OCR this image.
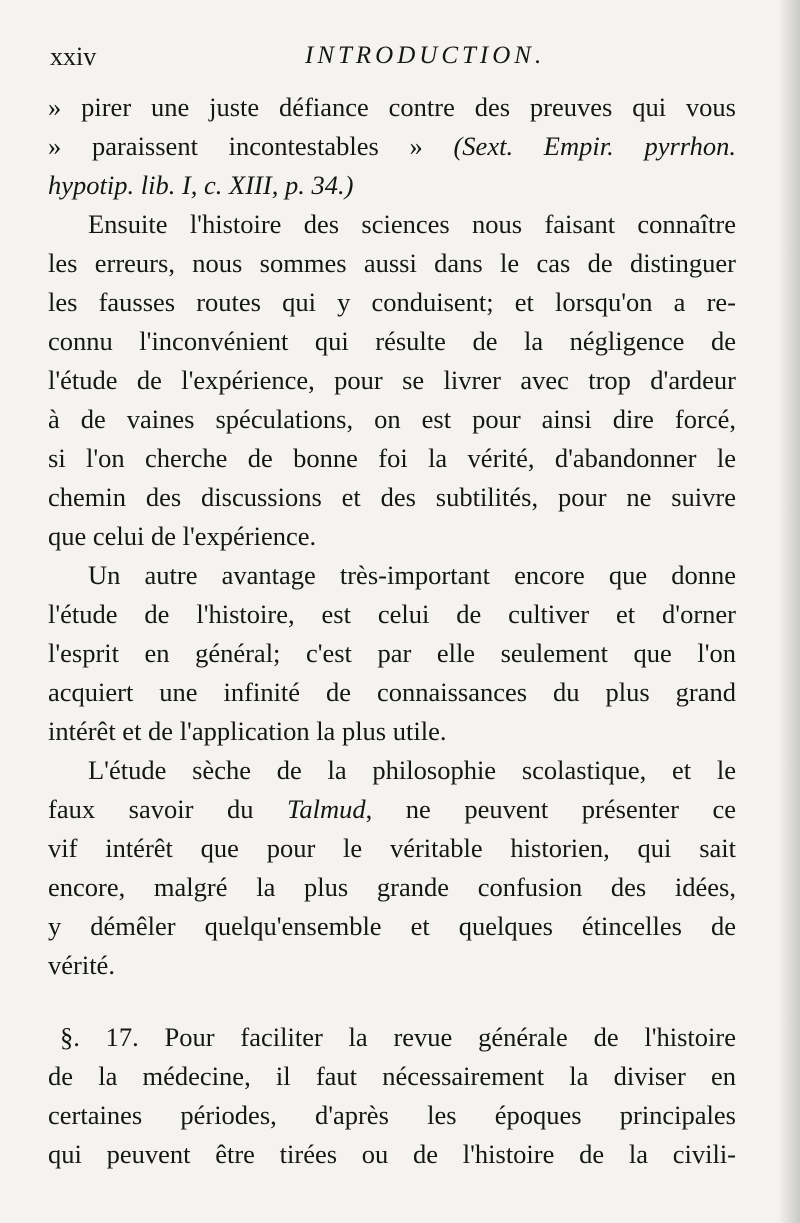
xxiv	INTRODUCTION.
» pirer une juste défiance contre des preuves qui vous
» paraissent incontestables » (Sext. Empir. pyrrhon.
hypotip. lib. I, c. XIII, p. 34.)
Ensuite l'histoire des sciences nous faisant connaître
les erreurs, nous sommes aussi dans le cas de distinguer
les fausses routes qui y conduisent; et lorsqu'on a re-
connu l'inconvénient qui résulte de la négligence de
l'étude de l'expérience, pour se livrer avec trop d'ardeur
à de vaines spéculations, on est pour ainsi dire forcé,
si l'on cherche de bonne foi la vérité, d'abandonner le
chemin des discussions et des subtilités, pour ne suivre
que celui de l'expérience.
Un autre avantage très-important encore que donne
l'étude de l'histoire, est celui de cultiver et d'orner
l'esprit en général; c'est par elle seulement que l'on
acquiert une infinité de connaissances du plus grand
intérêt et de l'application la plus utile.
L'étude sèche de la philosophie scolastique, et le
faux savoir du Talmud, ne peuvent présenter ce
vif intérêt que pour le véritable historien, qui sait
encore, malgré la plus grande confusion des idées,
y démêler quelqu'ensemble et quelques étincelles de
vérité.
§. 17. Pour faciliter la revue générale de l'histoire
de la médecine, il faut nécessairement la diviser en
certaines périodes, d'après les époques principales
qui peuvent être tirées ou de l'histoire de la civili-
